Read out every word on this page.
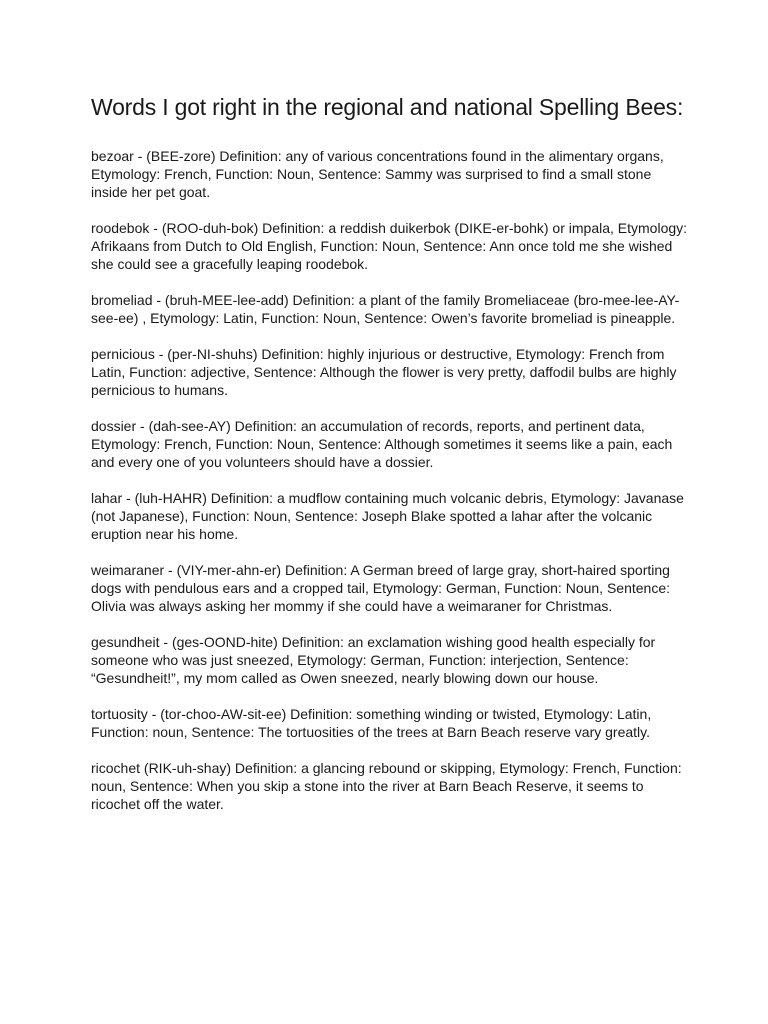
Words I got right in the regional and national Spelling Bees:

bezoar - (BEE-zore) Definition: any of various concentrations found in the alimentary organs, Etymology: French, Function: Noun, Sentence: Sammy was surprised to find a small stone inside her pet goat.

roodebok - (ROO-duh-bok) Definition: a reddish duikerbok (DIKE-er-bohk) or impala, Etymology: Afrikaans from Dutch to Old English, Function: Noun, Sentence: Ann once told me she wished she could see a gracefully leaping roodebok.

bromeliad - (bruh-MEE-lee-add) Definition: a plant of the family Bromeliaceae (bro-mee-lee-AY-see-ee) , Etymology: Latin, Function: Noun, Sentence: Owen’s favorite bromeliad is pineapple.

pernicious - (per-NI-shuhs) Definition: highly injurious or destructive, Etymology: French from Latin, Function: adjective, Sentence: Although the flower is very pretty, daffodil bulbs are highly pernicious to humans.

dossier - (dah-see-AY) Definition: an accumulation of records, reports, and pertinent data, Etymology: French, Function: Noun, Sentence: Although sometimes it seems like a pain, each and every one of you volunteers should have a dossier.

lahar - (luh-HAHR) Definition: a mudflow containing much volcanic debris, Etymology: Javanase (not Japanese), Function: Noun, Sentence: Joseph Blake spotted a lahar after the volcanic eruption near his home.

weimaraner - (VIY-mer-ahn-er) Definition: A German breed of large gray, short-haired sporting dogs with pendulous ears and a cropped tail, Etymology: German, Function: Noun, Sentence: Olivia was always asking her mommy if she could have a weimaraner for Christmas.

gesundheit - (ges-OOND-hite) Definition: an exclamation wishing good health especially for someone who was just sneezed, Etymology: German, Function: interjection, Sentence: “Gesundheit!”, my mom called as Owen sneezed, nearly blowing down our house.

tortuosity - (tor-choo-AW-sit-ee) Definition: something winding or twisted, Etymology: Latin, Function: noun, Sentence: The tortuosities of the trees at Barn Beach reserve vary greatly.

ricochet (RIK-uh-shay) Definition: a glancing rebound or skipping, Etymology: French, Function: noun, Sentence: When you skip a stone into the river at Barn Beach Reserve, it seems to ricochet off the water.
